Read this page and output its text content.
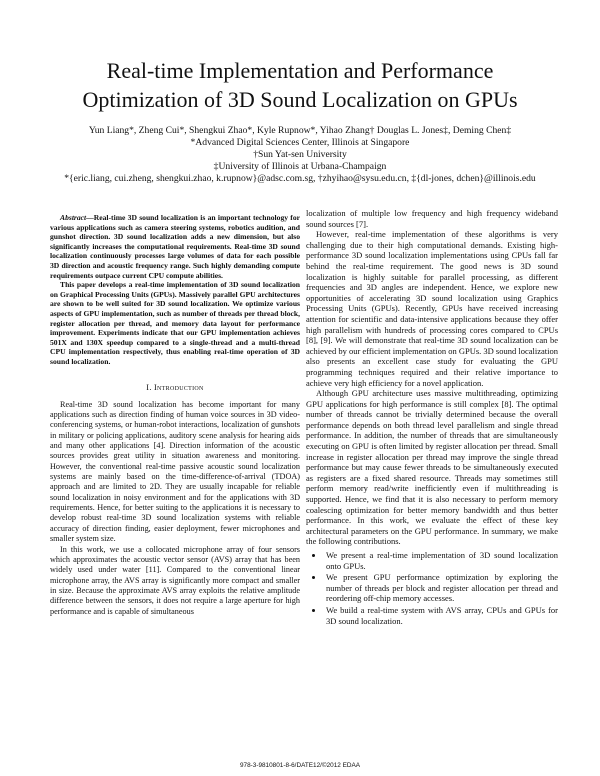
Real-time Implementation and Performance
Optimization of 3D Sound Localization on GPUs
Yun Liang*, Zheng Cui*, Shengkui Zhao*, Kyle Rupnow*, Yihao Zhang† Douglas L. Jones‡, Deming Chen‡
*Advanced Digital Sciences Center, Illinois at Singapore
†Sun Yat-sen University
‡University of Illinois at Urbana-Champaign
*{eric.liang, cui.zheng, shengkui.zhao, k.rupnow}@adsc.com.sg, †zhyihao@sysu.edu.cn, ‡{dl-jones, dchen}@illinois.edu

Abstract—Real-time 3D sound localization is an important technology for various applications such as camera steering systems, robotics audition, and gunshot direction. 3D sound localization adds a new dimension, but also significantly increases the computational requirements. Real-time 3D sound localization continuously processes large volumes of data for each possible 3D direction and acoustic frequency range. Such highly demanding compute requirements outpace current CPU compute abilities.

This paper develops a real-time implementation of 3D sound localization on Graphical Processing Units (GPUs). Massively parallel GPU architectures are shown to be well suited for 3D sound localization. We optimize various aspects of GPU implementation, such as number of threads per thread block, register allocation per thread, and memory data layout for performance improvement. Experiments indicate that our GPU implementation achieves 501X and 130X speedup compared to a single-thread and a multi-thread CPU implementation respectively, thus enabling real-time operation of 3D sound localization.

I. Introduction

Real-time 3D sound localization has become important for many applications such as direction finding of human voice sources in 3D video-conferencing systems, or human-robot interactions, localization of gunshots in military or policing applications, auditory scene analysis for hearing aids and many other applications [4]. Direction information of the acoustic sources provides great utility in situation awareness and monitoring. However, the conventional real-time passive acoustic sound localization systems are mainly based on the time-difference-of-arrival (TDOA) approach and are limited to 2D. They are usually incapable for reliable sound localization in noisy environment and for the applications with 3D requirements. Hence, for better suiting to the applications it is necessary to develop robust real-time 3D sound localization systems with reliable accuracy of direction finding, easier deployment, fewer microphones and smaller system size.

In this work, we use a collocated microphone array of four sensors which approximates the acoustic vector sensor (AVS) array that has been widely used under water [11]. Compared to the conventional linear microphone array, the AVS array is significantly more compact and smaller in size. Because the approximate AVS array exploits the relative amplitude difference between the sensors, it does not require a large aperture for high performance and is capable of simultaneous

localization of multiple low frequency and high frequency wideband sound sources [7].

However, real-time implementation of these algorithms is very challenging due to their high computational demands. Existing high-performance 3D sound localization implementations using CPUs fall far behind the real-time requirement. The good news is 3D sound localization is highly suitable for parallel processing, as different frequencies and 3D angles are independent. Hence, we explore new opportunities of accelerating 3D sound localization using Graphics Processing Units (GPUs). Recently, GPUs have received increasing attention for scientific and data-intensive applications because they offer high parallelism with hundreds of processing cores compared to CPUs [8], [9]. We will demonstrate that real-time 3D sound localization can be achieved by our efficient implementation on GPUs. 3D sound localization also presents an excellent case study for evaluating the GPU programming techniques required and their relative importance to achieve very high efficiency for a novel application.

Although GPU architecture uses massive multithreading, optimizing GPU applications for high performance is still complex [8]. The optimal number of threads cannot be trivially determined because the overall performance depends on both thread level parallelism and single thread performance. In addition, the number of threads that are simultaneously executing on GPU is often limited by register allocation per thread. Small increase in register allocation per thread may improve the single thread performance but may cause fewer threads to be simultaneously executed as registers are a fixed shared resource. Threads may sometimes still perform memory read/write inefficiently even if multithreading is supported. Hence, we find that it is also necessary to perform memory coalescing optimization for better memory bandwidth and thus better performance. In this work, we evaluate the effect of these key architectural parameters on the GPU performance. In summary, we make the following contributions.

• We present a real-time implementation of 3D sound localization onto GPUs.
• We present GPU performance optimization by exploring the number of threads per block and register allocation per thread and reordering off-chip memory accesses.
• We build a real-time system with AVS array, CPUs and GPUs for 3D sound localization.
978-3-9810801-8-6/DATE12/©2012 EDAA
